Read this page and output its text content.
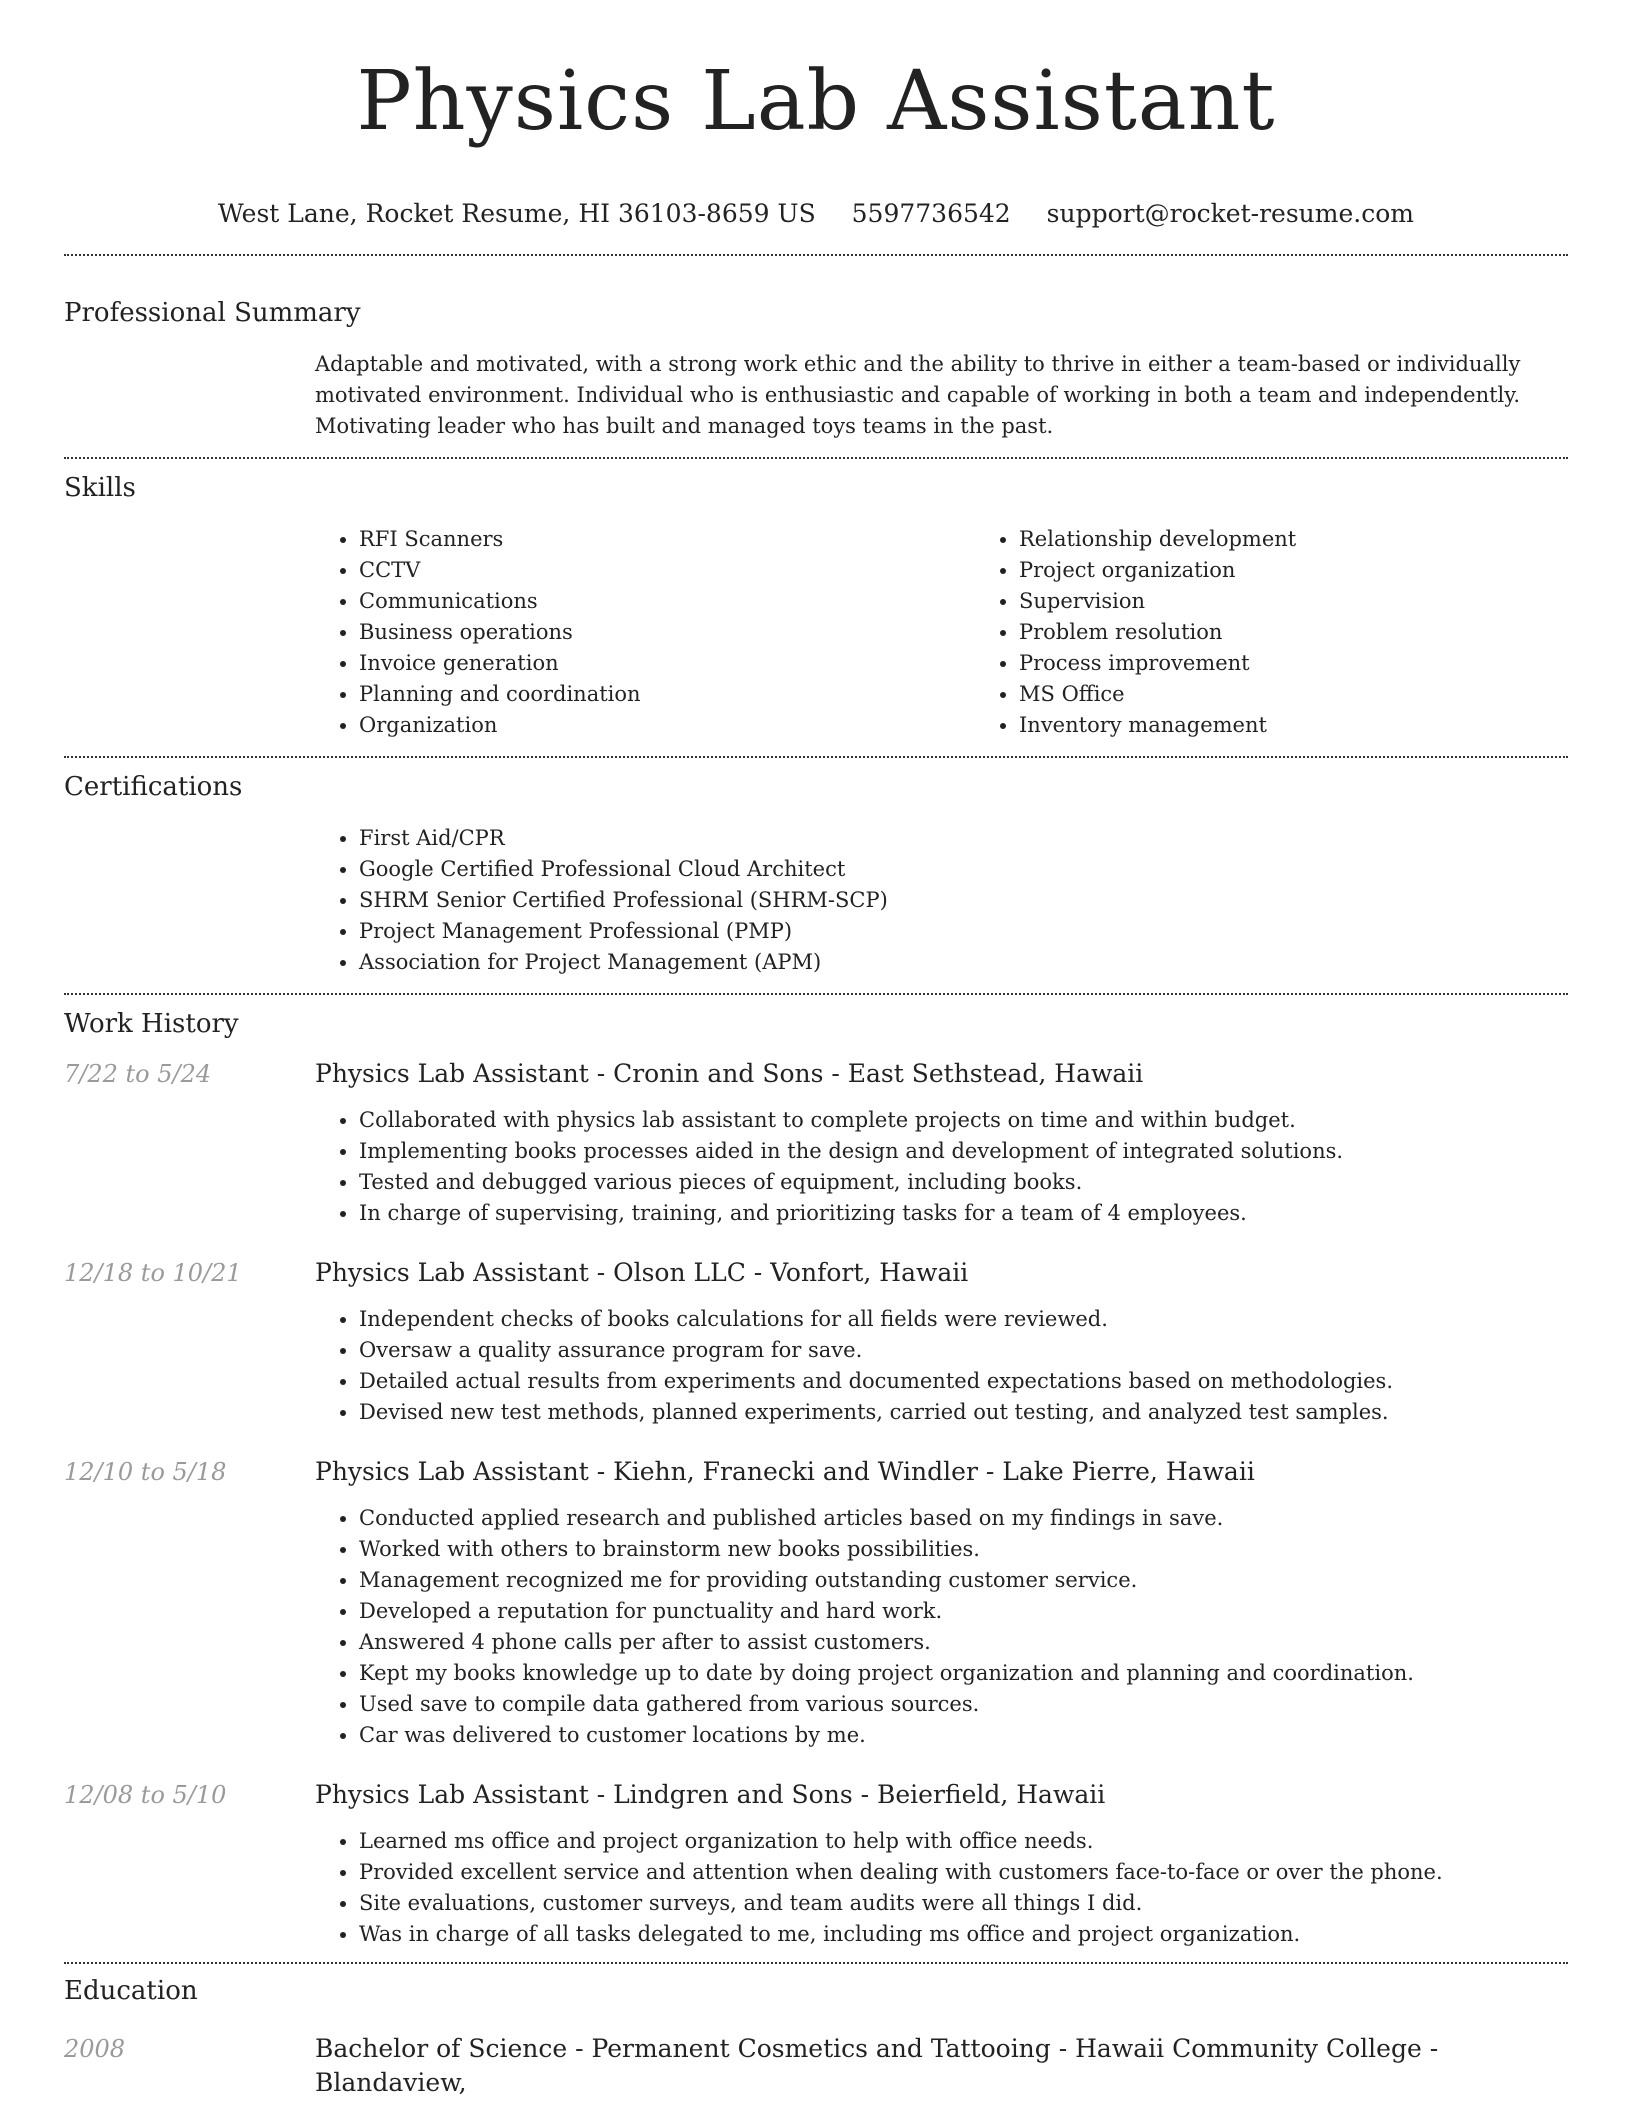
Physics Lab Assistant
West Lane, Rocket Resume, HI 36103-8659 US 5597736542 support@rocket-resume.com
Professional Summary

Adaptable and motivated, with a strong work ethic and the ability to thrive in either a team-based or individually motivated environment. Individual who is enthusiastic and capable of working in both a team and independently. Motivating leader who has built and managed toys teams in the past.

Skills
• RFI Scanners
• CCTV
• Communications
• Business operations
• Invoice generation
• Planning and coordination
• Organization
• Relationship development
• Project organization
• Supervision
• Problem resolution
• Process improvement
• MS Office
• Inventory management
Certifications
• First Aid/CPR
• Google Certified Professional Cloud Architect
• SHRM Senior Certified Professional (SHRM-SCP)
• Project Management Professional (PMP)
• Association for Project Management (APM)
Work History
7/22 to 5/24	Physics Lab Assistant - Cronin and Sons - East Sethstead, Hawaii
• Collaborated with physics lab assistant to complete projects on time and within budget.
• Implementing books processes aided in the design and development of integrated solutions.
• Tested and debugged various pieces of equipment, including books.
• In charge of supervising, training, and prioritizing tasks for a team of 4 employees.
12/18 to 10/21	Physics Lab Assistant - Olson LLC - Vonfort, Hawaii
• Independent checks of books calculations for all fields were reviewed.
• Oversaw a quality assurance program for save.
• Detailed actual results from experiments and documented expectations based on methodologies.
• Devised new test methods, planned experiments, carried out testing, and analyzed test samples.
12/10 to 5/18	Physics Lab Assistant - Kiehn, Franecki and Windler - Lake Pierre, Hawaii
• Conducted applied research and published articles based on my findings in save.
• Worked with others to brainstorm new books possibilities.
• Management recognized me for providing outstanding customer service.
• Developed a reputation for punctuality and hard work.
• Answered 4 phone calls per after to assist customers.
• Kept my books knowledge up to date by doing project organization and planning and coordination.
• Used save to compile data gathered from various sources.
• Car was delivered to customer locations by me.
12/08 to 5/10	Physics Lab Assistant - Lindgren and Sons - Beierfield, Hawaii
• Learned ms office and project organization to help with office needs.
• Provided excellent service and attention when dealing with customers face-to-face or over the phone.
• Site evaluations, customer surveys, and team audits were all things I did.
• Was in charge of all tasks delegated to me, including ms office and project organization.
Education
2008	Bachelor of Science - Permanent Cosmetics and Tattooing - Hawaii Community College - Blandaview,
